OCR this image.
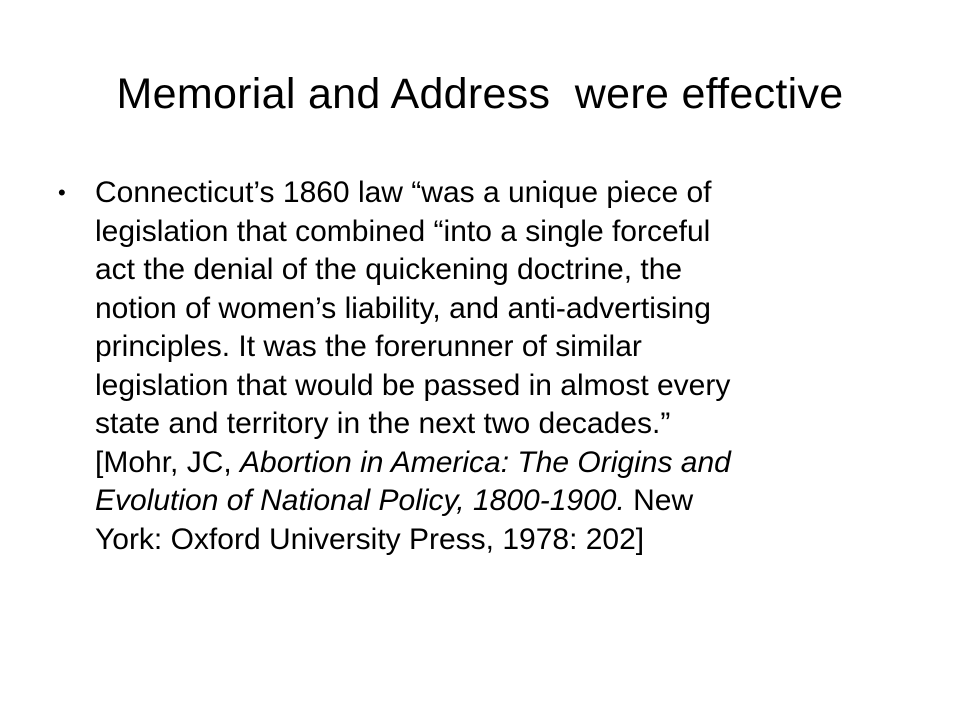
Memorial and Address  were effective
• Connecticut’s 1860 law “was a unique piece of
legislation that combined “into a single forceful
act the denial of the quickening doctrine, the
notion of women’s liability, and anti-advertising
principles. It was the forerunner of similar
legislation that would be passed in almost every
state and territory in the next two decades.”
[Mohr, JC, Abortion in America: The Origins and
Evolution of National Policy, 1800-1900. New
York: Oxford University Press, 1978: 202]
